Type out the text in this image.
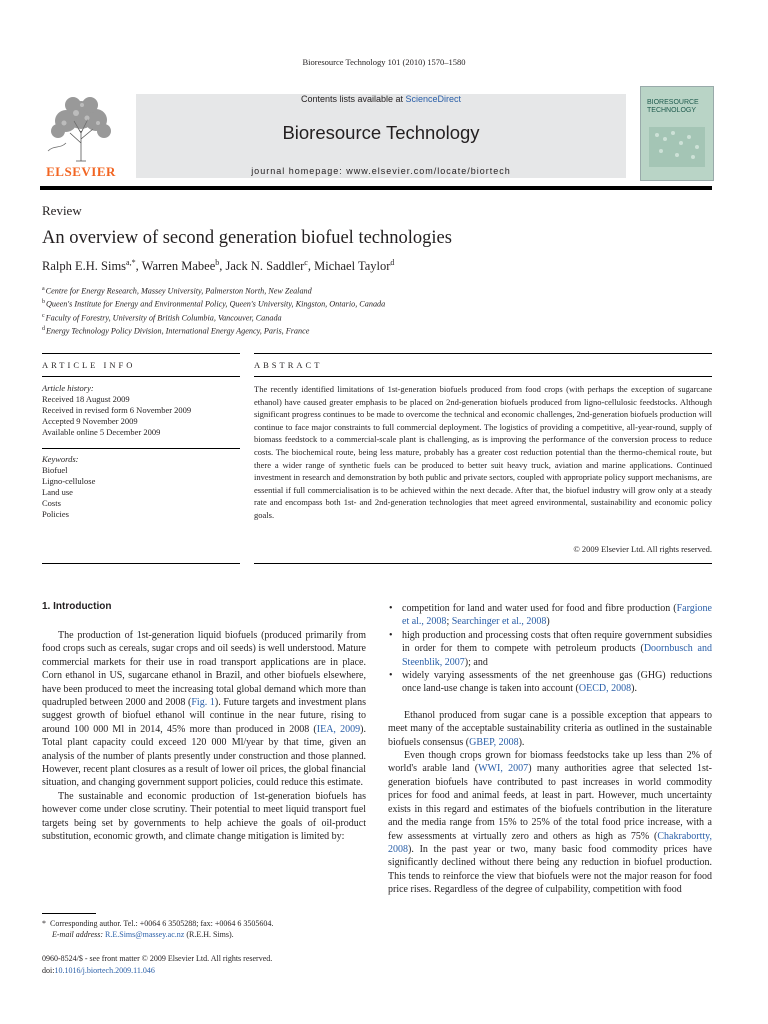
Bioresource Technology 101 (2010) 1570–1580
ELSEVIER
Contents lists available at ScienceDirect
Bioresource Technology
journal homepage: www.elsevier.com/locate/biortech
BIORESOURCE TECHNOLOGY
Review
An overview of second generation biofuel technologies
Ralph E.H. Sims$^{a,*}$, Warren Mabee$^b$, Jack N. Saddler$^c$, Michael Taylor$^d$
$^a$Centre for Energy Research, Massey University, Palmerston North, New Zealand
$^b$Queen's Institute for Energy and Environmental Policy, Queen's University, Kingston, Ontario, Canada
$^c$Faculty of Forestry, University of British Columbia, Vancouver, Canada
$^d$Energy Technology Policy Division, International Energy Agency, Paris, France
ARTICLE INFO	ABSTRACT
Article history:
Received 18 August 2009
Received in revised form 6 November 2009
Accepted 9 November 2009
Available online 5 December 2009
Keywords:
Biofuel
Ligno-cellulose
Land use
Costs
Policies
The recently identified limitations of 1st-generation biofuels produced from food crops (with perhaps the exception of sugarcane ethanol) have caused greater emphasis to be placed on 2nd-generation biofuels produced from ligno-cellulosic feedstocks. Although significant progress continues to be made to overcome the technical and economic challenges, 2nd-generation biofuels production will continue to face major constraints to full commercial deployment. The logistics of providing a competitive, all-year-round, supply of biomass feedstock to a commercial-scale plant is challenging, as is improving the performance of the conversion process to reduce costs. The biochemical route, being less mature, probably has a greater cost reduction potential than the thermo-chemical route, but there a wider range of synthetic fuels can be produced to better suit heavy truck, aviation and marine applications. Continued investment in research and demonstration by both public and private sectors, coupled with appropriate policy support mechanisms, are essential if full commercialisation is to be achieved within the next decade. After that, the biofuel industry will grow only at a steady rate and encompass both 1st- and 2nd-generation technologies that meet agreed environmental, sustainability and economic policy goals.
© 2009 Elsevier Ltd. All rights reserved.
1. Introduction

The production of 1st-generation liquid biofuels (produced primarily from food crops such as cereals, sugar crops and oil seeds) is well understood. Mature commercial markets for their use in road transport applications are in place. Corn ethanol in US, sugarcane ethanol in Brazil, and other biofuels elsewhere, have been produced to meet the increasing total global demand which more than quadrupled between 2000 and 2008 (Fig. 1). Future targets and investment plans suggest growth of biofuel ethanol will continue in the near future, rising to around 100 000 Ml in 2014, 45% more than produced in 2008 (IEA, 2009). Total plant capacity could exceed 120 000 Ml/year by that time, given an analysis of the number of plants presently under construction and those planned. However, recent plant closures as a result of lower oil prices, the global financial situation, and changing government support policies, could reduce this estimate.

The sustainable and economic production of 1st-generation biofuels has however come under close scrutiny. Their potential to meet liquid transport fuel targets being set by governments to help achieve the goals of oil-product substitution, economic growth, and climate change mitigation is limited by:

* Corresponding author. Tel.: +0064 6 3505288; fax: +0064 6 3505604.
E-mail address: R.E.Sims@massey.ac.nz (R.E.H. Sims).
0960-8524/$ - see front matter © 2009 Elsevier Ltd. All rights reserved.
doi:10.1016/j.biortech.2009.11.046
• competition for land and water used for food and fibre production (Fargione et al., 2008; Searchinger et al., 2008)
• high production and processing costs that often require government subsidies in order for them to compete with petroleum products (Doornbusch and Steenblik, 2007); and
• widely varying assessments of the net greenhouse gas (GHG) reductions once land-use change is taken into account (OECD, 2008).

Ethanol produced from sugar cane is a possible exception that appears to meet many of the acceptable sustainability criteria as outlined in the sustainable biofuels consensus (GBEP, 2008).

Even though crops grown for biomass feedstocks take up less than 2% of world's arable land (WWI, 2007) many authorities agree that selected 1st-generation biofuels have contributed to past increases in world commodity prices for food and animal feeds, at least in part. However, much uncertainty exists in this regard and estimates of the biofuels contribution in the literature and the media range from 15% to 25% of the total food price increase, with a few assessments at virtually zero and others as high as 75% (Chakrabortty, 2008). In the past year or two, many basic food commodity prices have significantly declined without there being any reduction in biofuel production. This tends to reinforce the view that biofuels were not the major reason for food price rises. Regardless of the degree of culpability, competition with food
